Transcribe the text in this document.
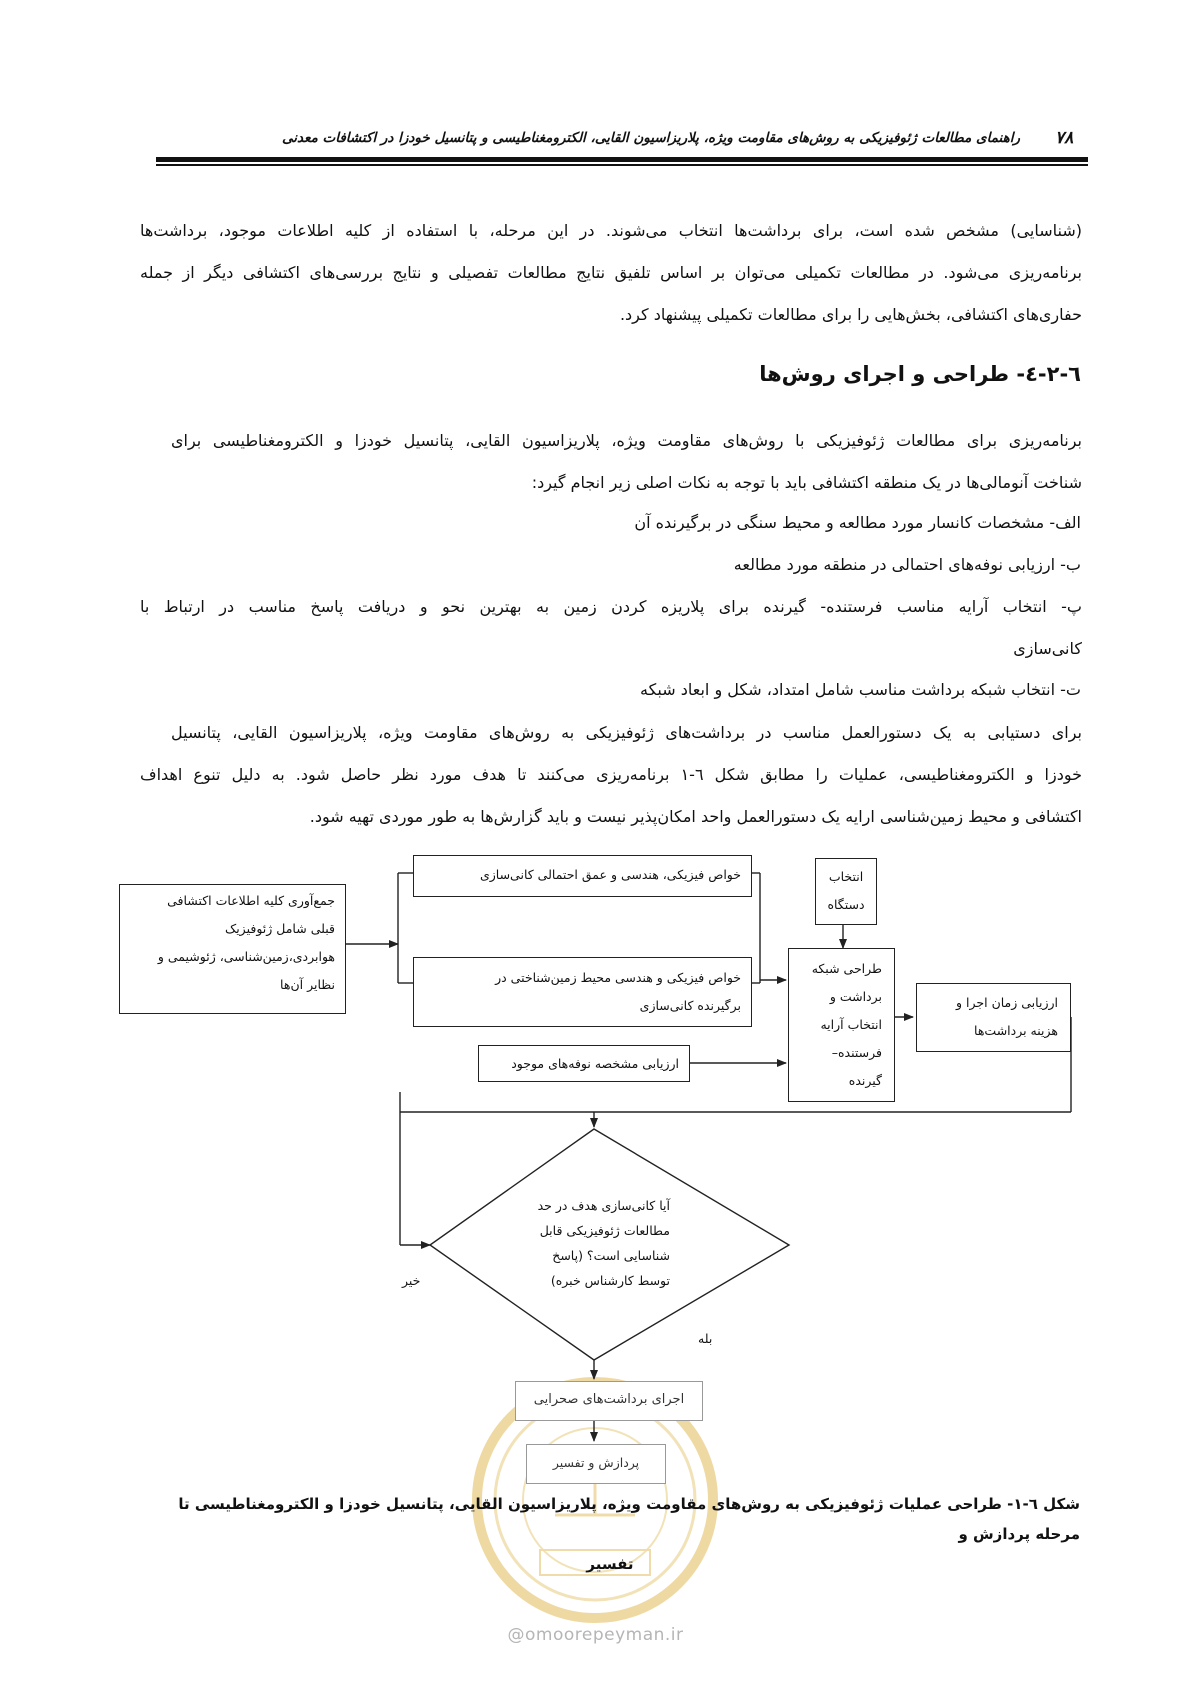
راهنمای مطالعات ژئوفیزیکی به روش‌های مقاومت ویژه، پلاریزاسیون القایی، الکترومغناطیسی و پتانسیل خودزا در اکتشافات معدنی ۷۸
(شناسایی) مشخص شده است، برای برداشت‌ها انتخاب می‌شوند. در این مرحله، با استفاده از کلیه اطلاعات موجود، برداشت‌ها
برنامه‌ریزی می‌شود. در مطالعات تکمیلی می‌توان بر اساس تلفیق نتایج مطالعات تفصیلی و نتایج بررسی‌های اکتشافی دیگر از جمله
حفاری‌های اکتشافی، بخش‌هایی را برای مطالعات تکمیلی پیشنهاد کرد.
٦-٢-٤- طراحی و اجرای روش‌ها
برنامه‌ریزی برای مطالعات ژئوفیزیکی با روش‌های مقاومت ویژه، پلاریزاسیون القایی، پتانسیل خودزا و الکترومغناطیسی برای
شناخت آنومالی‌ها در یک منطقه اکتشافی باید با توجه به نکات اصلی زیر انجام گیرد:
الف- مشخصات کانسار مورد مطالعه و محیط سنگی در برگیرنده آن
ب- ارزیابی نوفه‌های احتمالی در منطقه مورد مطالعه
پ- انتخاب آرایه مناسب فرستنده- گیرنده برای پلاریزه کردن زمین به بهترین نحو و دریافت پاسخ مناسب در ارتباط با
کانی‌سازی
ت- انتخاب شبکه برداشت مناسب شامل امتداد، شکل و ابعاد شبکه
برای دستیابی به یک دستورالعمل مناسب در برداشت‌های ژئوفیزیکی به روش‌های مقاومت ویژه، پلاریزاسیون القایی، پتانسیل
خودزا و الکترومغناطیسی، عملیات را مطابق شکل ٦-١ برنامه‌ریزی می‌کنند تا هدف مورد نظر حاصل شود. به دلیل تنوع اهداف
اکتشافی و محیط زمین‌شناسی ارایه یک دستورالعمل واحد امکان‌پذیر نیست و باید گزارش‌ها به طور موردی تهیه شود.
جمع‌آوری کلیه اطلاعات اکتشافی
قبلی شامل ژئوفیزیک
هوابردی،زمین‌شناسی، ژئوشیمی و
نظایر آن‌ها
خواص فیزیکی، هندسی و عمق احتمالی کانی‌سازی
خواص فیزیکی و هندسی محیط زمین‌شناختی در
برگیرنده کانی‌سازی
ارزیابی مشخصه نوفه‌های موجود
انتخاب
دستگاه
طراحی شبکه
برداشت و
انتخاب آرایه
فرستنده–
گیرنده
ارزیابی زمان اجرا و
هزینه برداشت‌ها
آیا کانی‌سازی هدف در حد
مطالعات ژئوفیزیکی قابل
شناسایی است؟ (پاسخ
توسط کارشناس خبره)
خیر
بله
اجرای برداشت‌های صحرایی
پردازش و تفسیر
شکل ٦-١- طراحی عملیات ژئوفیزیکی به روش‌های مقاومت ویژه، پلاریزاسیون القایی، پتانسیل خودزا و الکترومغناطیسی تا مرحله پردازش و
تفسیر
@omoorepeyman.ir
